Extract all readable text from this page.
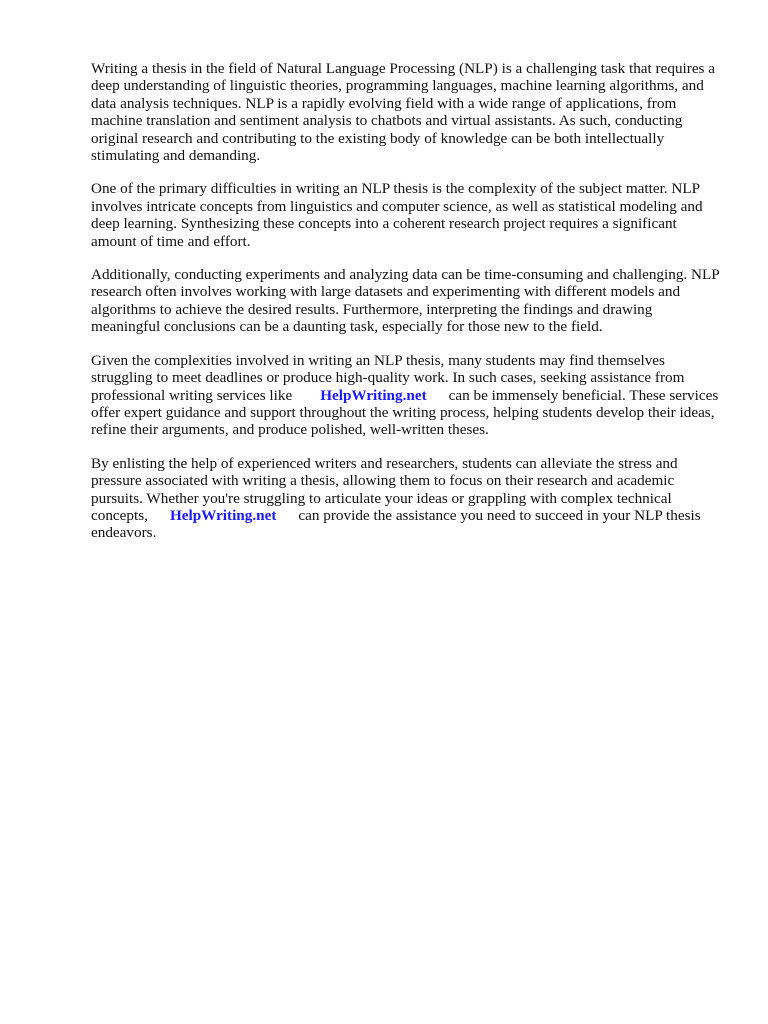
Writing a thesis in the field of Natural Language Processing (NLP) is a challenging task that requires a deep understanding of linguistic theories, programming languages, machine learning algorithms, and data analysis techniques. NLP is a rapidly evolving field with a wide range of applications, from machine translation and sentiment analysis to chatbots and virtual assistants. As such, conducting original research and contributing to the existing body of knowledge can be both intellectually stimulating and demanding.

One of the primary difficulties in writing an NLP thesis is the complexity of the subject matter. NLP involves intricate concepts from linguistics and computer science, as well as statistical modeling and deep learning. Synthesizing these concepts into a coherent research project requires a significant amount of time and effort.

Additionally, conducting experiments and analyzing data can be time-consuming and challenging. NLP research often involves working with large datasets and experimenting with different models and algorithms to achieve the desired results. Furthermore, interpreting the findings and drawing meaningful conclusions can be a daunting task, especially for those new to the field.

Given the complexities involved in writing an NLP thesis, many students may find themselves struggling to meet deadlines or produce high-quality work. In such cases, seeking assistance from professional writing services like HelpWriting.net can be immensely beneficial. These services offer expert guidance and support throughout the writing process, helping students develop their ideas, refine their arguments, and produce polished, well-written theses.

By enlisting the help of experienced writers and researchers, students can alleviate the stress and pressure associated with writing a thesis, allowing them to focus on their research and academic pursuits. Whether you're struggling to articulate your ideas or grappling with complex technical concepts, HelpWriting.net can provide the assistance you need to succeed in your NLP thesis endeavors.
